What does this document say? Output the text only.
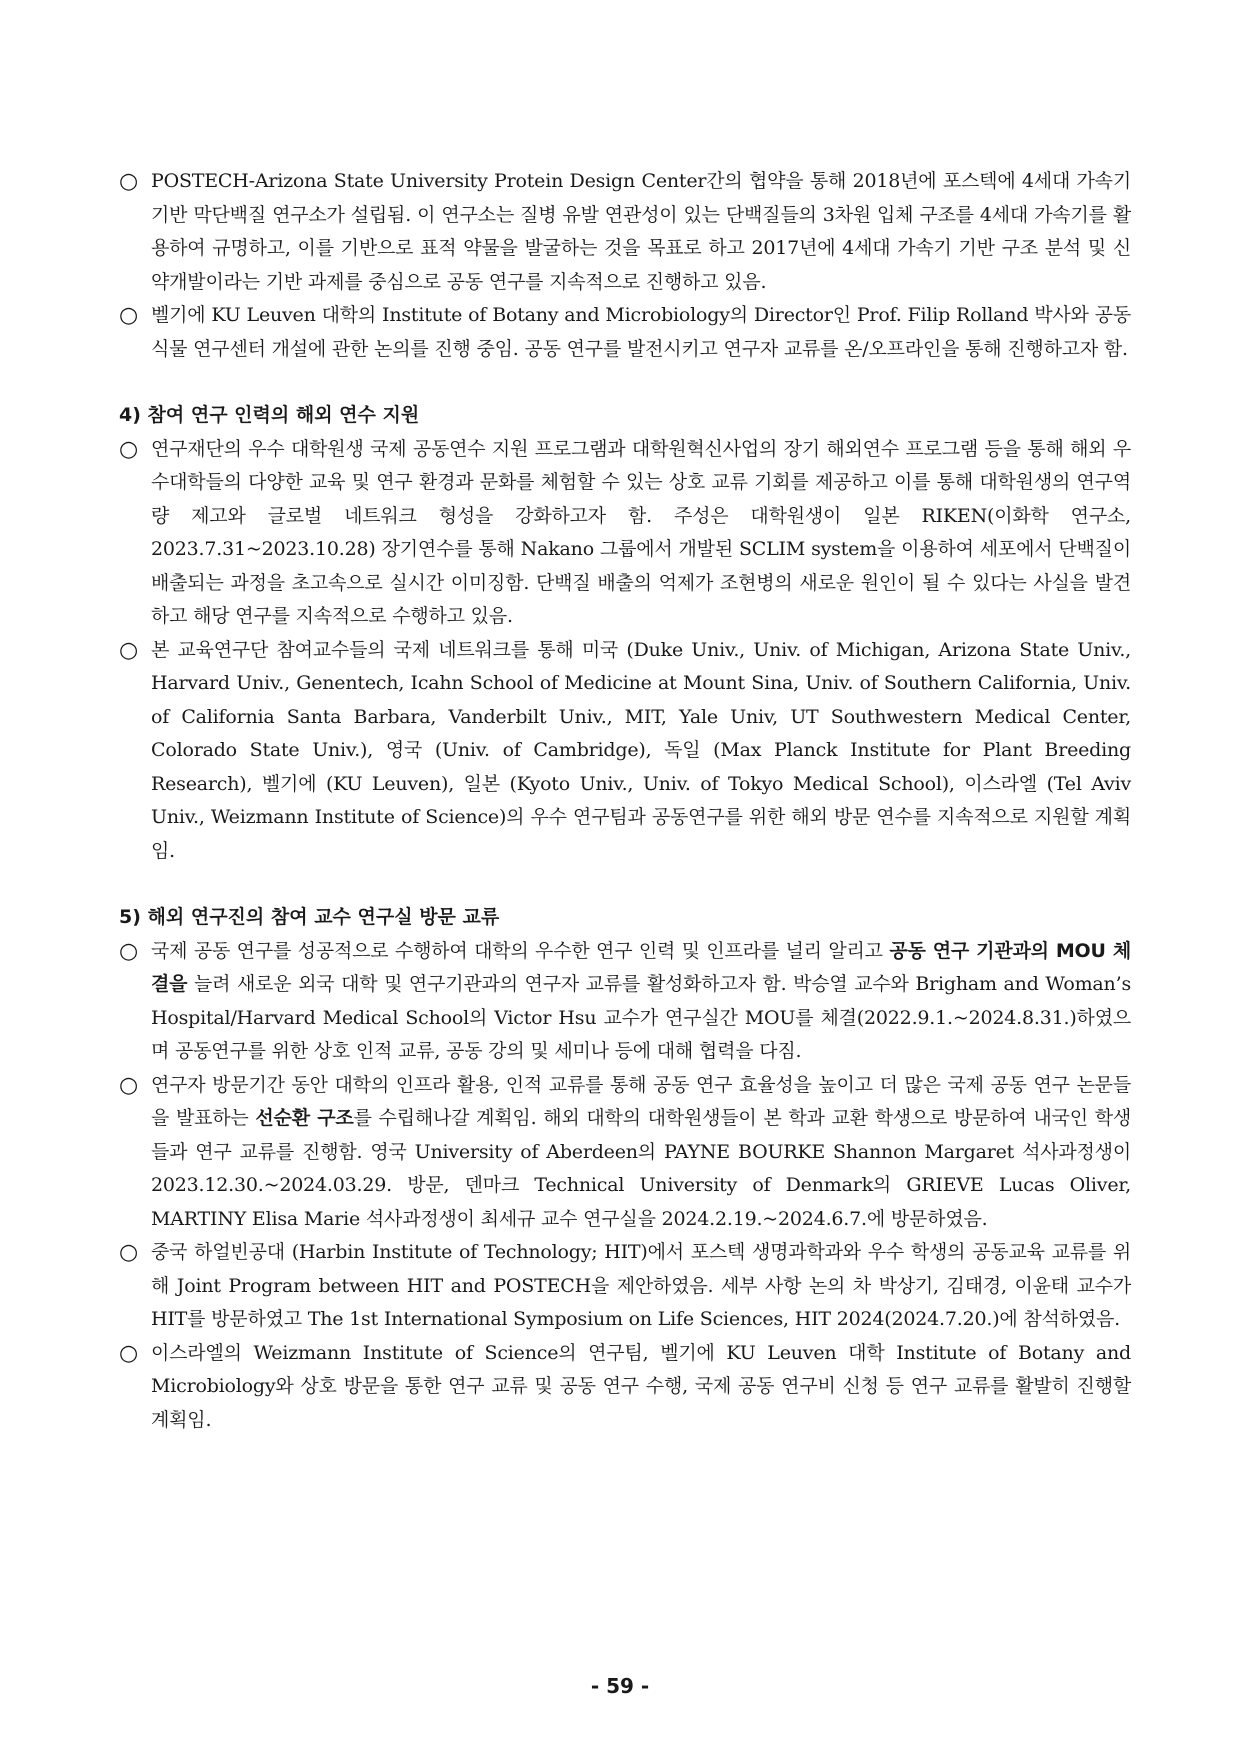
○ POSTECH-Arizona State University Protein Design Center간의 협약을 통해 2018년에 포스텍에 4세대 가속기 기반 막단백질 연구소가 설립됨. 이 연구소는 질병 유발 연관성이 있는 단백질들의 3차원 입체 구조를 4세대 가속기를 활용하여 규명하고, 이를 기반으로 표적 약물을 발굴하는 것을 목표로 하고 2017년에 4세대 가속기 기반 구조 분석 및 신약개발이라는 기반 과제를 중심으로 공동 연구를 지속적으로 진행하고 있음.
○ 벨기에 KU Leuven 대학의 Institute of Botany and Microbiology의 Director인 Prof. Filip Rolland 박사와 공동 식물 연구센터 개설에 관한 논의를 진행 중임. 공동 연구를 발전시키고 연구자 교류를 온/오프라인을 통해 진행하고자 함.
4) 참여 연구 인력의 해외 연수 지원
○ 연구재단의 우수 대학원생 국제 공동연수 지원 프로그램과 대학원혁신사업의 장기 해외연수 프로그램 등을 통해 해외 우수대학들의 다양한 교육 및 연구 환경과 문화를 체험할 수 있는 상호 교류 기회를 제공하고 이를 통해 대학원생의 연구역량 제고와 글로벌 네트워크 형성을 강화하고자 함. 주성은 대학원생이 일본 RIKEN(이화학 연구소, 2023.7.31~2023.10.28) 장기연수를 통해 Nakano 그룹에서 개발된 SCLIM system을 이용하여 세포에서 단백질이 배출되는 과정을 초고속으로 실시간 이미징함. 단백질 배출의 억제가 조현병의 새로운 원인이 될 수 있다는 사실을 발견하고 해당 연구를 지속적으로 수행하고 있음.
○ 본 교육연구단 참여교수들의 국제 네트워크를 통해 미국 (Duke Univ., Univ. of Michigan, Arizona State Univ., Harvard Univ., Genentech, Icahn School of Medicine at Mount Sina, Univ. of Southern California, Univ. of California Santa Barbara, Vanderbilt Univ., MIT, Yale Univ, UT Southwestern Medical Center, Colorado State Univ.), 영국 (Univ. of Cambridge), 독일 (Max Planck Institute for Plant Breeding Research), 벨기에 (KU Leuven), 일본 (Kyoto Univ., Univ. of Tokyo Medical School), 이스라엘 (Tel Aviv Univ., Weizmann Institute of Science)의 우수 연구팀과 공동연구를 위한 해외 방문 연수를 지속적으로 지원할 계획임.
5) 해외 연구진의 참여 교수 연구실 방문 교류
○ 국제 공동 연구를 성공적으로 수행하여 대학의 우수한 연구 인력 및 인프라를 널리 알리고 공동 연구 기관과의 MOU 체결을 늘려 새로운 외국 대학 및 연구기관과의 연구자 교류를 활성화하고자 함. 박승열 교수와 Brigham and Woman’s Hospital/Harvard Medical School의 Victor Hsu 교수가 연구실간 MOU를 체결(2022.9.1.~2024.8.31.)하였으며 공동연구를 위한 상호 인적 교류, 공동 강의 및 세미나 등에 대해 협력을 다짐.
○ 연구자 방문기간 동안 대학의 인프라 활용, 인적 교류를 통해 공동 연구 효율성을 높이고 더 많은 국제 공동 연구 논문들을 발표하는 선순환 구조를 수립해나갈 계획임. 해외 대학의 대학원생들이 본 학과 교환 학생으로 방문하여 내국인 학생들과 연구 교류를 진행함. 영국 University of Aberdeen의 PAYNE BOURKE Shannon Margaret 석사과정생이 2023.12.30.~2024.03.29. 방문, 덴마크 Technical University of Denmark의 GRIEVE Lucas Oliver, MARTINY Elisa Marie 석사과정생이 최세규 교수 연구실을 2024.2.19.~2024.6.7.에 방문하였음.
○ 중국 하얼빈공대 (Harbin Institute of Technology; HIT)에서 포스텍 생명과학과와 우수 학생의 공동교육 교류를 위해 Joint Program between HIT and POSTECH을 제안하였음. 세부 사항 논의 차 박상기, 김태경, 이윤태 교수가 HIT를 방문하였고 The 1st International Symposium on Life Sciences, HIT 2024(2024.7.20.)에 참석하였음.
○ 이스라엘의 Weizmann Institute of Science의 연구팀, 벨기에 KU Leuven 대학 Institute of Botany and Microbiology와 상호 방문을 통한 연구 교류 및 공동 연구 수행, 국제 공동 연구비 신청 등 연구 교류를 활발히 진행할 계획임.
- 59 -
